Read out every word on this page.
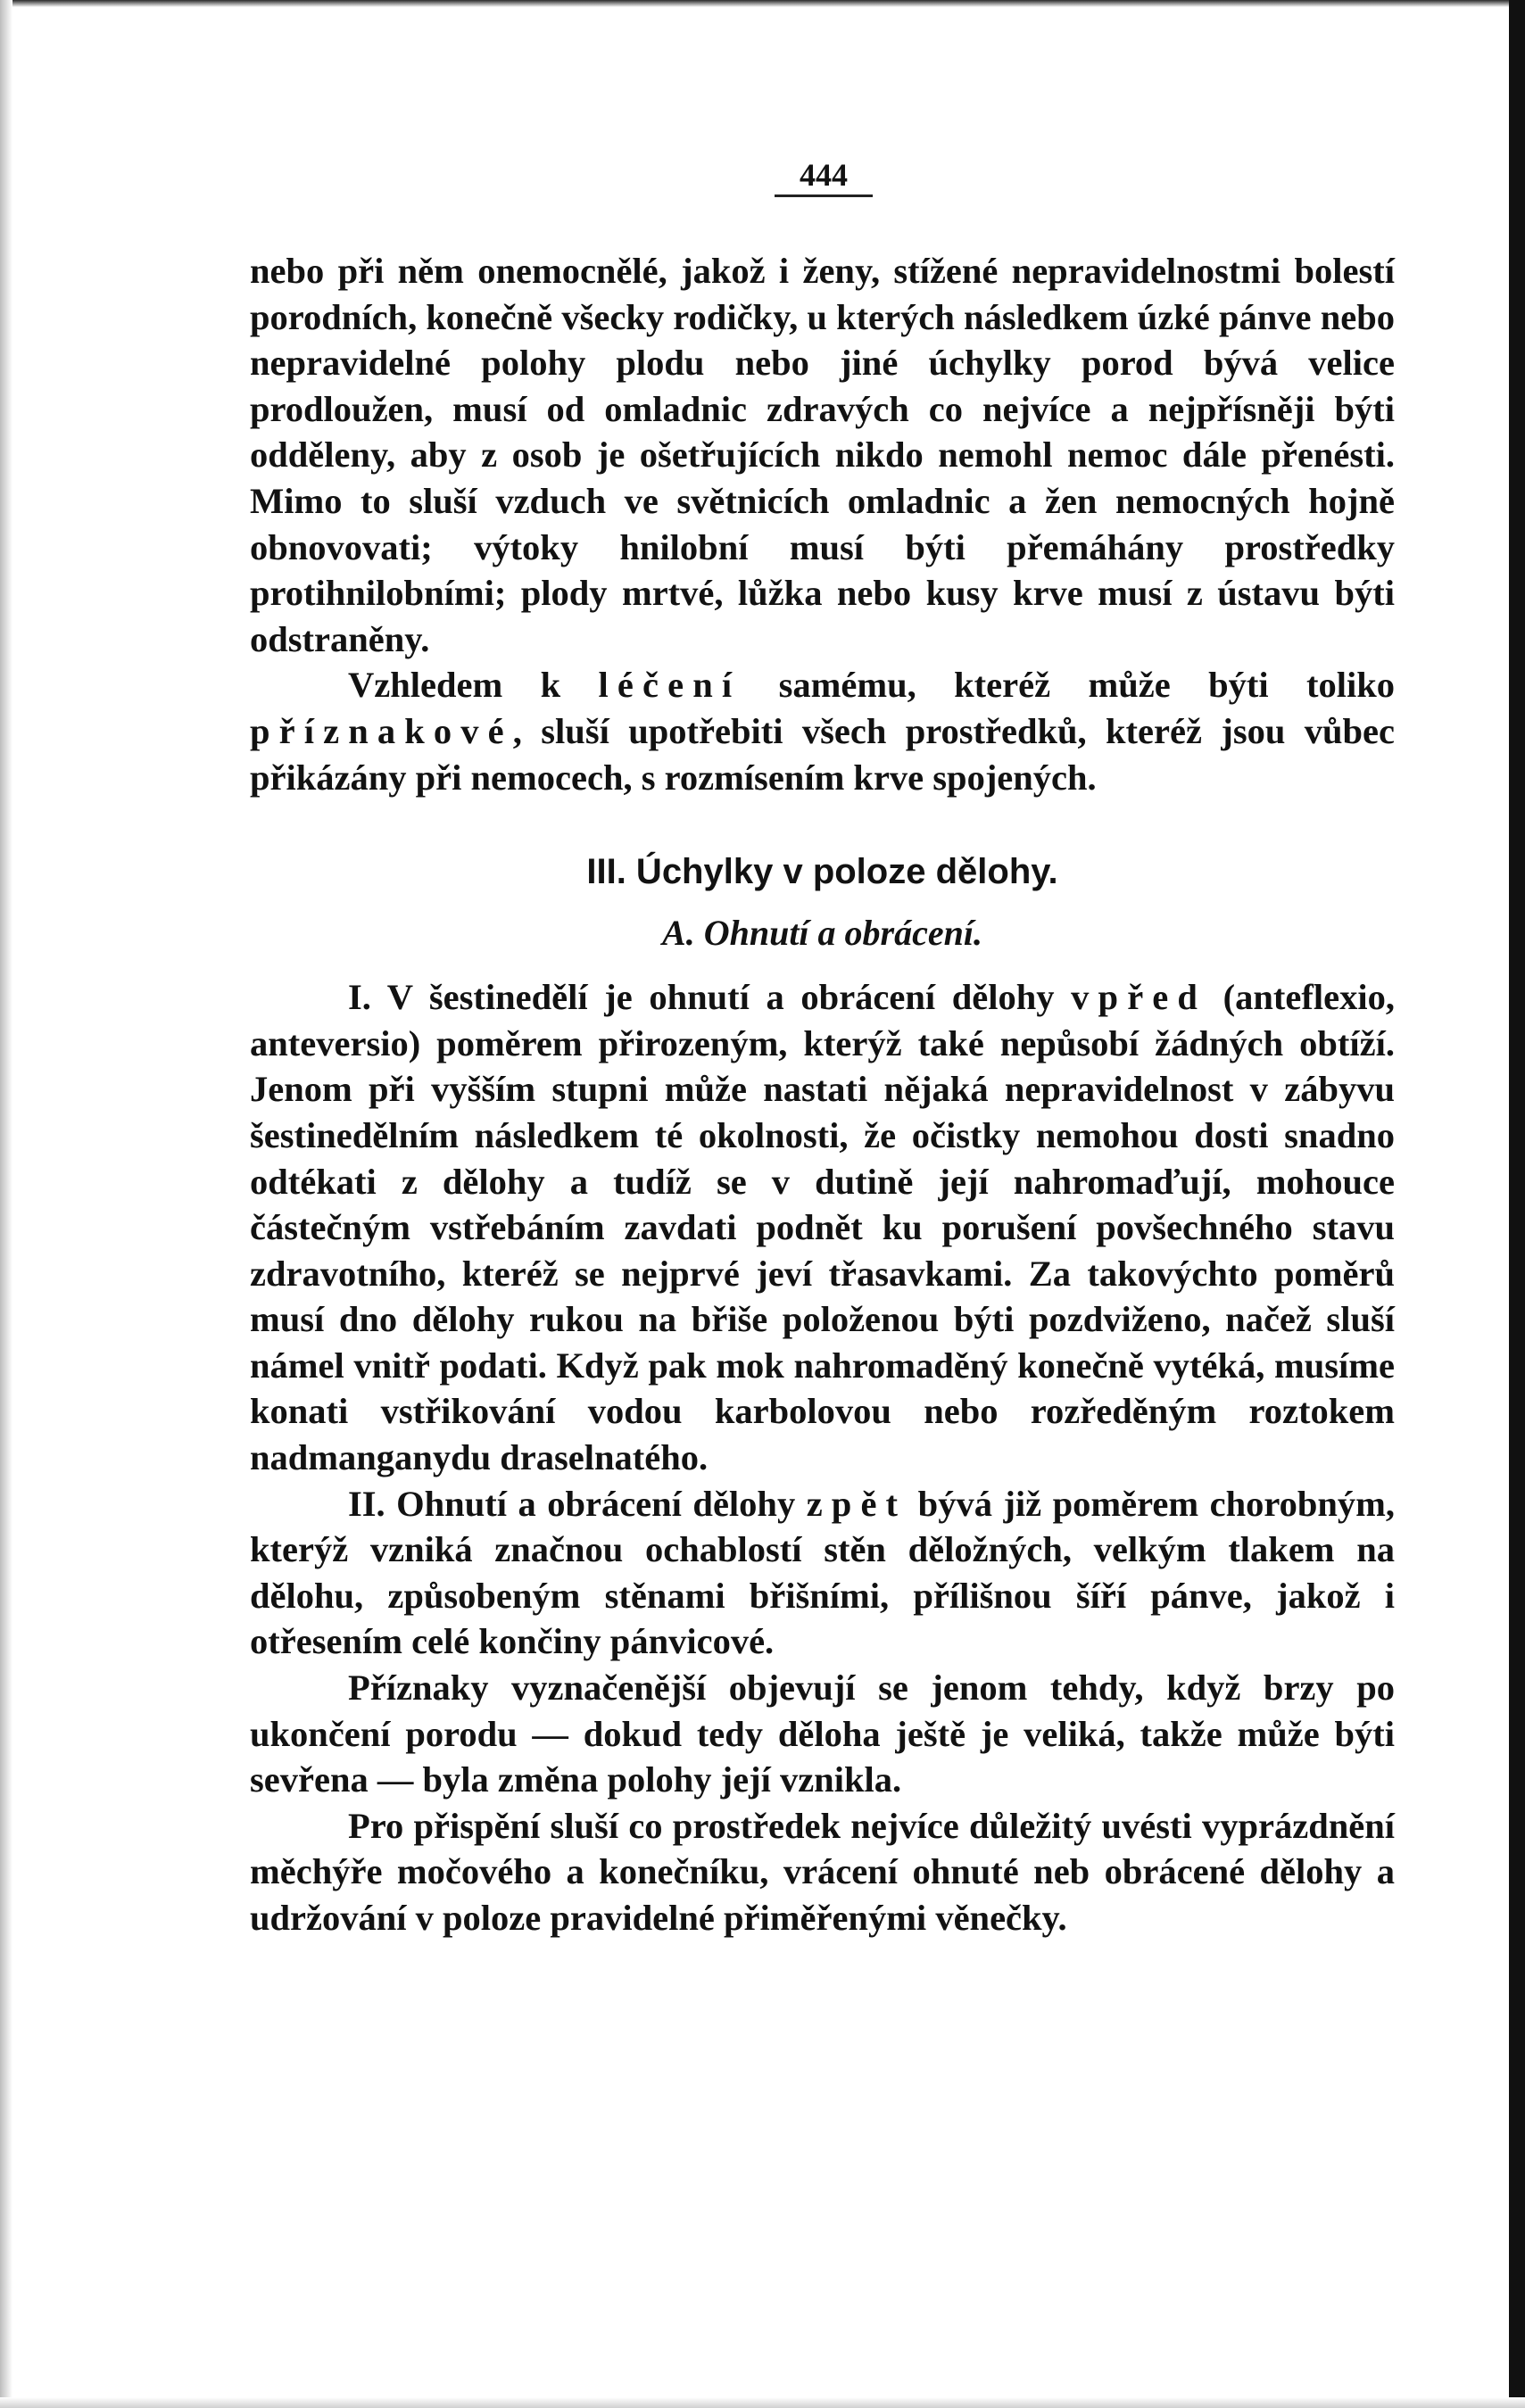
444

nebo při něm onemocnělé, jakož i ženy, stížené nepravidelnostmi bolestí porodních, konečně všecky rodičky, u kterých následkem úzké pánve nebo nepravidelné polohy plodu nebo jiné úchylky porod bývá velice prodloužen, musí od omladnic zdravých co nejvíce a nejpřísněji býti odděleny, aby z osob je ošetřujících nikdo nemohl nemoc dále přenésti. Mimo to sluší vzduch ve světnicích omladnic a žen nemocných hojně obnovovati; výtoky hnilobní musí býti přemáhány prostředky protihnilobními; plody mrtvé, lůžka nebo kusy krve musí z ústavu býti odstraněny.

Vzhledem k léčení samému, kteréž může býti toliko příznakové, sluší upotřebiti všech prostředků, kteréž jsou vůbec přikázány při nemocech, s rozmísením krve spojených.

III. Úchylky v poloze dělohy.

A. Ohnutí a obrácení.

I. V šestinedělí je ohnutí a obrácení dělohy vpřed (anteflexio, anteversio) poměrem přirozeným, kterýž také nepůsobí žádných obtíží. Jenom při vyšším stupni může nastati nějaká nepravidelnost v zábyvu šestinedělním následkem té okolnosti, že očistky nemohou dosti snadno odtékati z dělohy a tudíž se v dutině její nahromaďují, mohouce částečným vstřebáním zavdati podnět ku porušení povšechného stavu zdravotního, kteréž se nejprvé jeví třasavkami. Za takovýchto poměrů musí dno dělohy rukou na břiše položenou býti pozdviženo, načež sluší námel vnitř podati. Když pak mok nahromaděný konečně vytéká, musíme konati vstřikování vodou karbolovou nebo rozředěným roztokem nadmanganydu draselnatého.

II. Ohnutí a obrácení dělohy zpět bývá již poměrem chorobným, kterýž vzniká značnou ochablostí stěn děložných, velkým tlakem na dělohu, způsobeným stěnami břišními, přílišnou šíří pánve, jakož i otřesením celé končiny pánvicové.

Příznaky vyznačenější objevují se jenom tehdy, když brzy po ukončení porodu — dokud tedy děloha ještě je veliká, takže může býti sevřena — byla změna polohy její vznikla.

Pro přispění sluší co prostředek nejvíce důležitý uvésti vyprázdnění měchýře močového a konečníku, vrácení ohnuté neb obrácené dělohy a udržování v poloze pravidelné přiměřenými věnečky.
